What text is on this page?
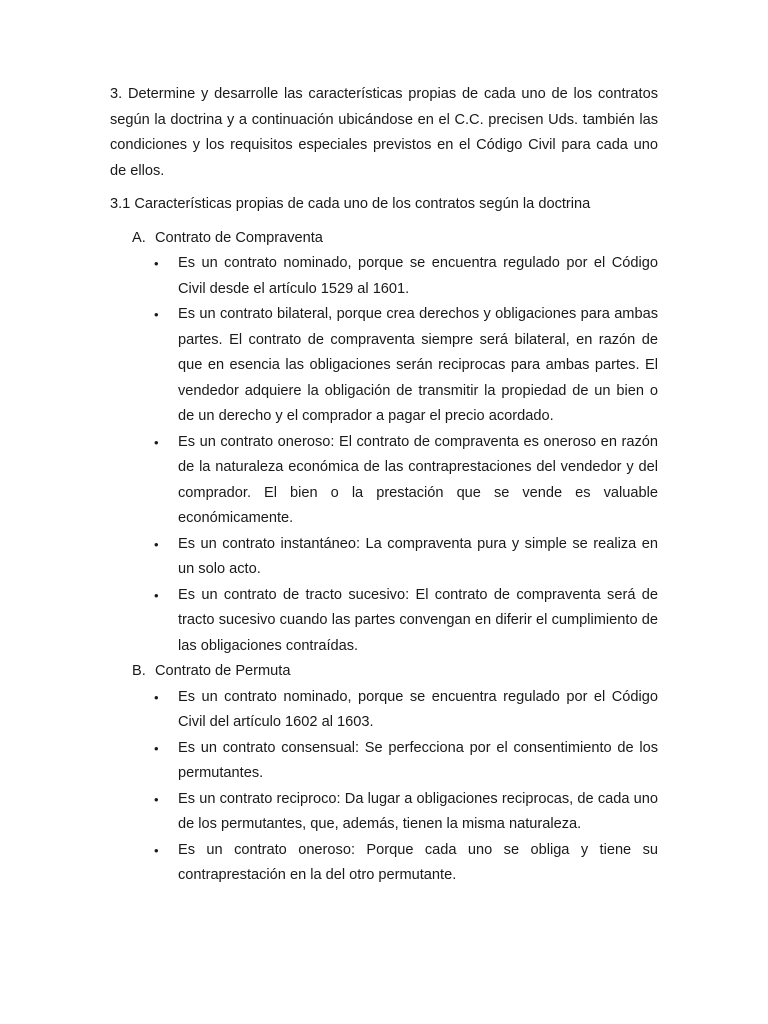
3. Determine y desarrolle las características propias de cada uno de los contratos según la doctrina y a continuación ubicándose en el C.C. precisen Uds. también las condiciones y los requisitos especiales previstos en el Código Civil para cada uno de ellos.

3.1 Características propias de cada uno de los contratos según la doctrina

A. Contrato de Compraventa

• Es un contrato nominado, porque se encuentra regulado por el Código Civil desde el artículo 1529 al 1601.
• Es un contrato bilateral, porque crea derechos y obligaciones para ambas partes. El contrato de compraventa siempre será bilateral, en razón de que en esencia las obligaciones serán reciprocas para ambas partes. El vendedor adquiere la obligación de transmitir la propiedad de un bien o de un derecho y el comprador a pagar el precio acordado.
• Es un contrato oneroso: El contrato de compraventa es oneroso en razón de la naturaleza económica de las contraprestaciones del vendedor y del comprador. El bien o la prestación que se vende es valuable económicamente.
• Es un contrato instantáneo: La compraventa pura y simple se realiza en un solo acto.
• Es un contrato de tracto sucesivo: El contrato de compraventa será de tracto sucesivo cuando las partes convengan en diferir el cumplimiento de las obligaciones contraídas.

B. Contrato de Permuta

• Es un contrato nominado, porque se encuentra regulado por el Código Civil del artículo 1602 al 1603.
• Es un contrato consensual: Se perfecciona por el consentimiento de los permutantes.
• Es un contrato reciproco: Da lugar a obligaciones reciprocas, de cada uno de los permutantes, que, además, tienen la misma naturaleza.
• Es un contrato oneroso: Porque cada uno se obliga y tiene su contraprestación en la del otro permutante.
